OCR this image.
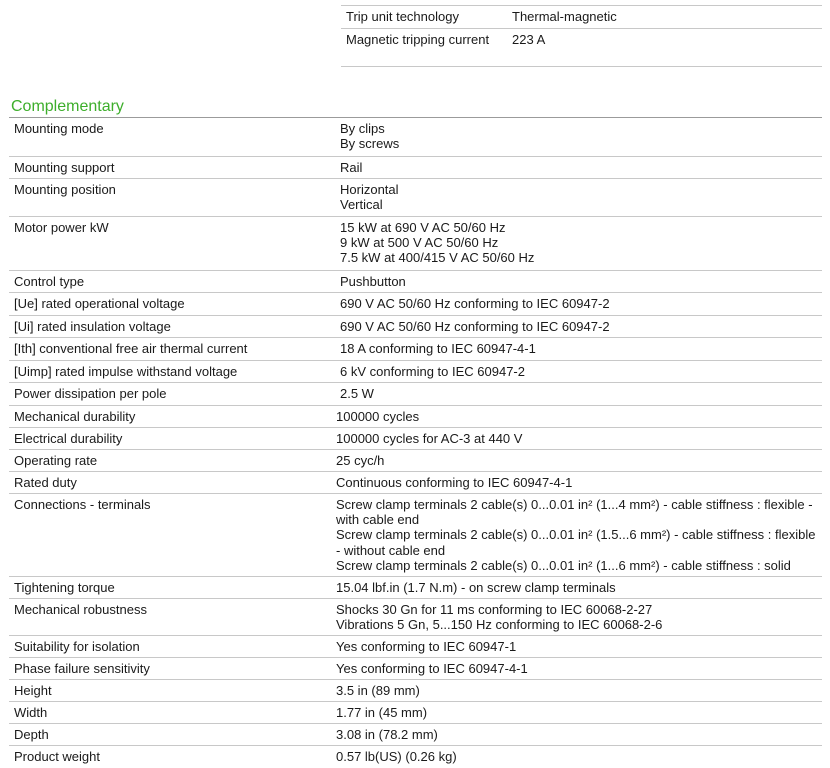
Trip unit technology	Thermal-magnetic
Magnetic tripping current	223 A
Complementary
Mounting mode	By clips
By screws
Mounting support	Rail
Mounting position	Horizontal
Vertical
Motor power kW	15 kW at 690 V AC 50/60 Hz
9 kW at 500 V AC 50/60 Hz
7.5 kW at 400/415 V AC 50/60 Hz
Control type	Pushbutton
[Ue] rated operational voltage	690 V AC 50/60 Hz conforming to IEC 60947-2
[Ui] rated insulation voltage	690 V AC 50/60 Hz conforming to IEC 60947-2
[Ith] conventional free air thermal current	18 A conforming to IEC 60947-4-1
[Uimp] rated impulse withstand voltage	6 kV conforming to IEC 60947-2
Power dissipation per pole	2.5 W
Mechanical durability	100000 cycles
Electrical durability	100000 cycles for AC-3 at 440 V
Operating rate	25 cyc/h
Rated duty	Continuous conforming to IEC 60947-4-1
Connections - terminals	Screw clamp terminals 2 cable(s) 0...0.01 in² (1...4 mm²) - cable stiffness : flexible - with cable end
Screw clamp terminals 2 cable(s) 0...0.01 in² (1.5...6 mm²) - cable stiffness : flexible - without cable end
Screw clamp terminals 2 cable(s) 0...0.01 in² (1...6 mm²) - cable stiffness : solid
Tightening torque	15.04 lbf.in (1.7 N.m) - on screw clamp terminals
Mechanical robustness	Shocks 30 Gn for 11 ms conforming to IEC 60068-2-27
Vibrations 5 Gn, 5...150 Hz conforming to IEC 60068-2-6
Suitability for isolation	Yes conforming to IEC 60947-1
Phase failure sensitivity	Yes conforming to IEC 60947-4-1
Height	3.5 in (89 mm)
Width	1.77 in (45 mm)
Depth	3.08 in (78.2 mm)
Product weight	0.57 lb(US) (0.26 kg)
